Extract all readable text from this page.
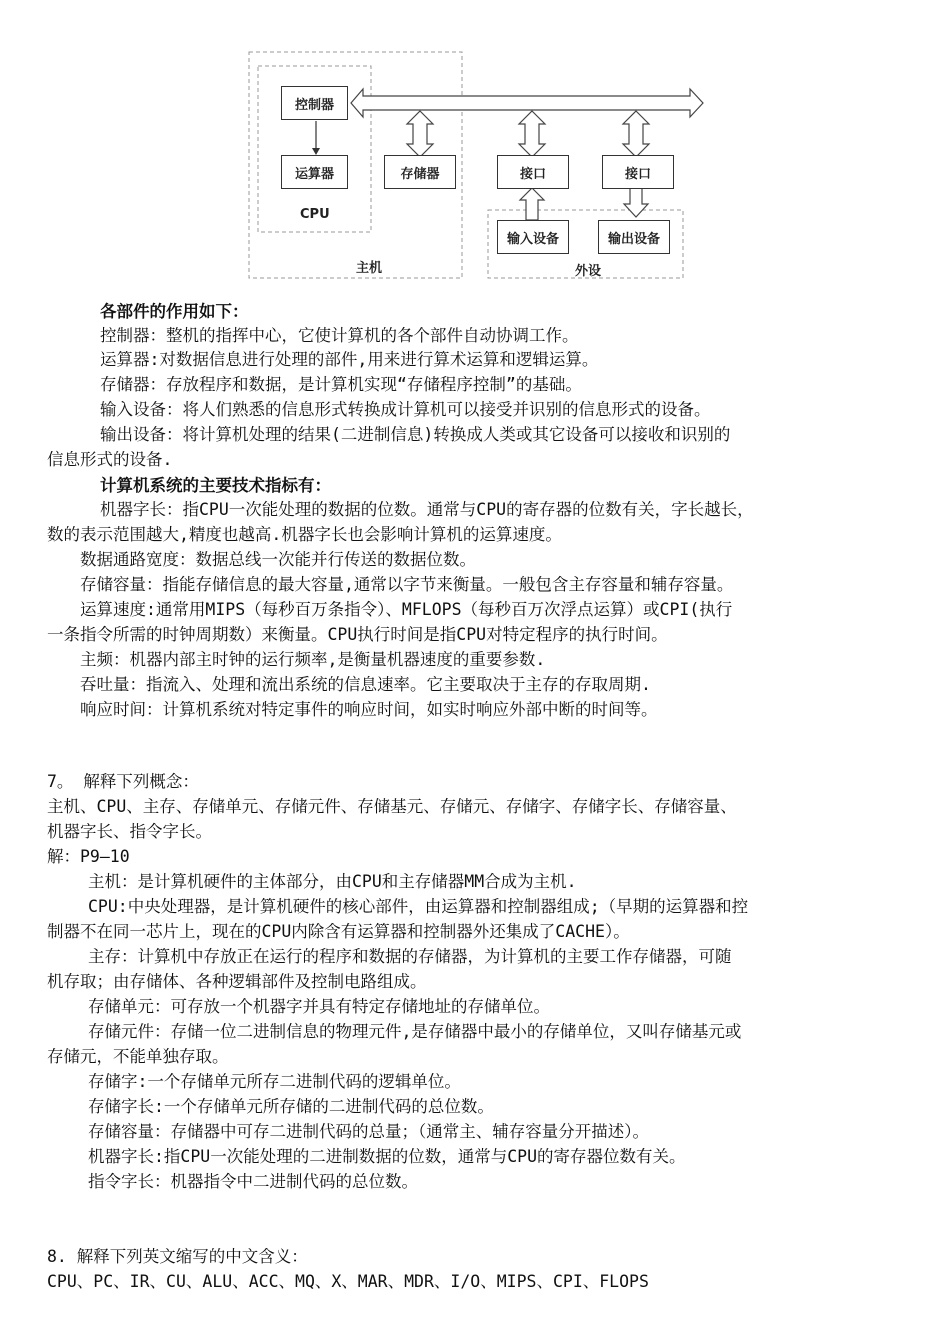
控制器
运算器	存储器	接口	接口
输入设备	输出设备
CPU
主机	外设
各部件的作用如下：
控制器：整机的指挥中心，它使计算机的各个部件自动协调工作。
运算器:对数据信息进行处理的部件,用来进行算术运算和逻辑运算。
存储器：存放程序和数据，是计算机实现“存储程序控制”的基础。
输入设备：将人们熟悉的信息形式转换成计算机可以接受并识别的信息形式的设备。
输出设备：将计算机处理的结果(二进制信息)转换成人类或其它设备可以接收和识别的
信息形式的设备.
计算机系统的主要技术指标有：
机器字长：指CPU一次能处理的数据的位数。通常与CPU的寄存器的位数有关，字长越长，
数的表示范围越大,精度也越高.机器字长也会影响计算机的运算速度。
数据通路宽度：数据总线一次能并行传送的数据位数。
存储容量：指能存储信息的最大容量,通常以字节来衡量。一般包含主存容量和辅存容量。
运算速度:通常用MIPS（每秒百万条指令）、MFLOPS（每秒百万次浮点运算）或CPI(执行
一条指令所需的时钟周期数）来衡量。CPU执行时间是指CPU对特定程序的执行时间。
主频：机器内部主时钟的运行频率,是衡量机器速度的重要参数.
吞吐量：指流入、处理和流出系统的信息速率。它主要取决于主存的存取周期.
响应时间：计算机系统对特定事件的响应时间，如实时响应外部中断的时间等。
7。 解释下列概念：
主机、CPU、主存、存储单元、存储元件、存储基元、存储元、存储字、存储字长、存储容量、
机器字长、指令字长。
解：P9—10
主机：是计算机硬件的主体部分，由CPU和主存储器MM合成为主机.
CPU:中央处理器，是计算机硬件的核心部件，由运算器和控制器组成;（早期的运算器和控
制器不在同一芯片上，现在的CPU内除含有运算器和控制器外还集成了CACHE）。
主存：计算机中存放正在运行的程序和数据的存储器，为计算机的主要工作存储器，可随
机存取；由存储体、各种逻辑部件及控制电路组成。
存储单元：可存放一个机器字并具有特定存储地址的存储单位。
存储元件：存储一位二进制信息的物理元件,是存储器中最小的存储单位，又叫存储基元或
存储元，不能单独存取。
存储字:一个存储单元所存二进制代码的逻辑单位。
存储字长:一个存储单元所存储的二进制代码的总位数。
存储容量：存储器中可存二进制代码的总量；（通常主、辅存容量分开描述）。
机器字长:指CPU一次能处理的二进制数据的位数，通常与CPU的寄存器位数有关。
指令字长：机器指令中二进制代码的总位数。
8. 解释下列英文缩写的中文含义：
CPU、PC、IR、CU、ALU、ACC、MQ、X、MAR、MDR、I/O、MIPS、CPI、FLOPS
